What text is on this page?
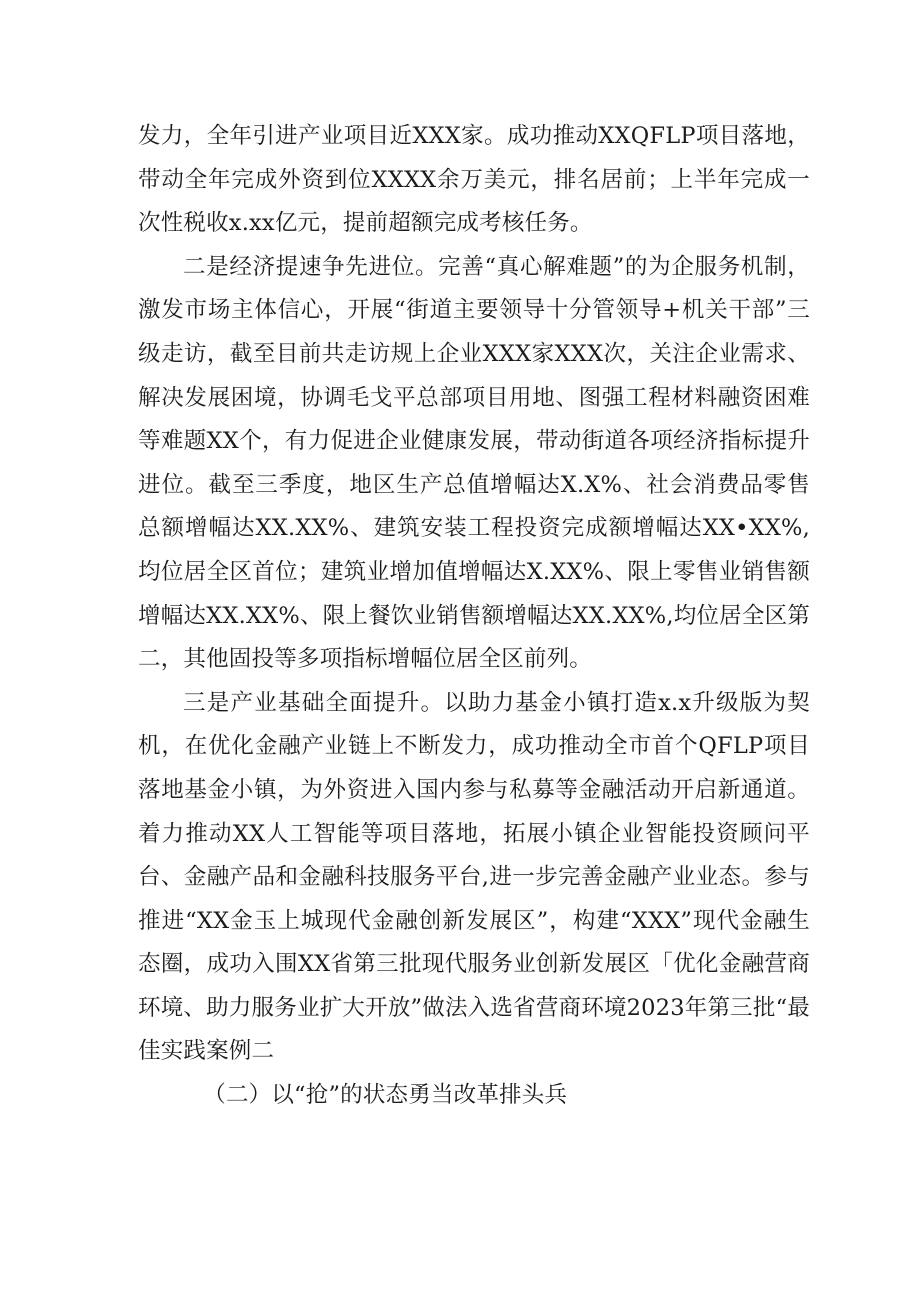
发力，全年引进产业项目近XXX家。成功推动XXQFLP项目落地，带动全年完成外资到位XXXX余万美元，排名居前；上半年完成一次性税收x.xx亿元，提前超额完成考核任务。

二是经济提速争先进位。完善“真心解难题”的为企服务机制，激发市场主体信心，开展“街道主要领导十分管领导+机关干部”三级走访，截至目前共走访规上企业XXX家XXX次，关注企业需求、解决发展困境，协调毛戈平总部项目用地、图强工程材料融资困难等难题XX个，有力促进企业健康发展，带动街道各项经济指标提升进位。截至三季度，地区生产总值增幅达X.X%、社会消费品零售总额增幅达XX.XX%、建筑安装工程投资完成额增幅达XX•XX%,均位居全区首位；建筑业增加值增幅达X.XX%、限上零售业销售额增幅达XX.XX%、限上餐饮业销售额增幅达XX.XX%,均位居全区第二，其他固投等多项指标增幅位居全区前列。

三是产业基础全面提升。以助力基金小镇打造x.x升级版为契机，在优化金融产业链上不断发力，成功推动全市首个QFLP项目落地基金小镇，为外资进入国内参与私募等金融活动开启新通道。着力推动XX人工智能等项目落地，拓展小镇企业智能投资顾问平台、金融产品和金融科技服务平台,进一步完善金融产业业态。参与推进“XX金玉上城现代金融创新发展区”，构建“XXX”现代金融生态圈，成功入围XX省第三批现代服务业创新发展区「优化金融营商环境、助力服务业扩大开放”做法入选省营商环境2023年第三批“最佳实践案例二

（二）以“抢”的状态勇当改革排头兵
